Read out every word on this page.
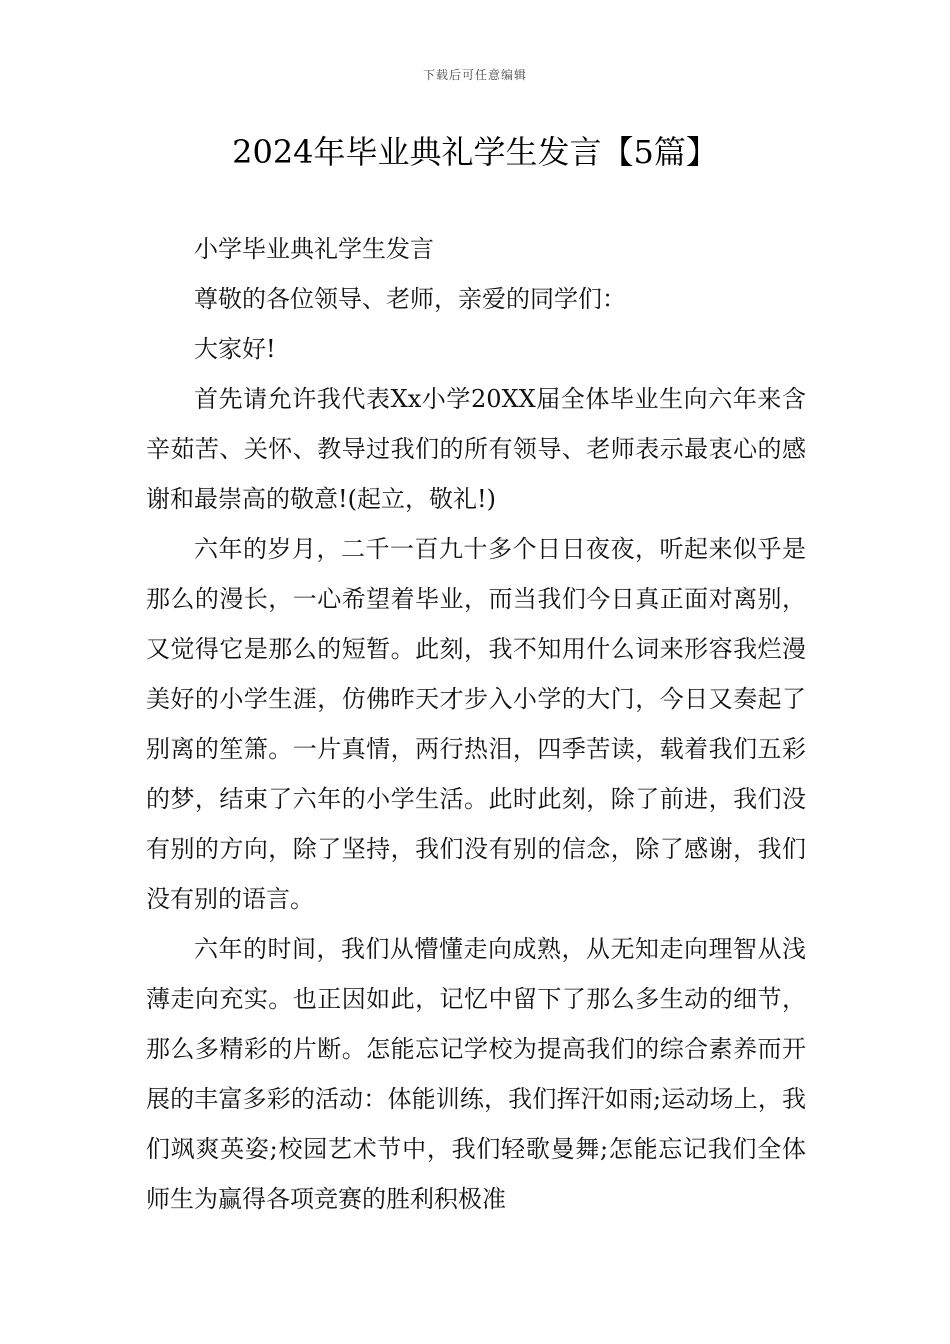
下载后可任意编辑
2024年毕业典礼学生发言【5篇】

小学毕业典礼学生发言

尊敬的各位领导、老师，亲爱的同学们：

大家好!

首先请允许我代表Xx小学20XX届全体毕业生向六年来含辛茹苦、关怀、教导过我们的所有领导、老师表示最衷心的感谢和最崇高的敬意!(起立，敬礼!)

六年的岁月，二千一百九十多个日日夜夜，听起来似乎是那么的漫长，一心希望着毕业，而当我们今日真正面对离别，又觉得它是那么的短暂。此刻，我不知用什么词来形容我烂漫美好的小学生涯，仿佛昨天才步入小学的大门，今日又奏起了别离的笙箫。一片真情，两行热泪，四季苦读，载着我们五彩的梦，结束了六年的小学生活。此时此刻，除了前进，我们没有别的方向，除了坚持，我们没有别的信念，除了感谢，我们没有别的语言。

六年的时间，我们从懵懂走向成熟，从无知走向理智从浅薄走向充实。也正因如此，记忆中留下了那么多生动的细节，那么多精彩的片断。怎能忘记学校为提高我们的综合素养而开展的丰富多彩的活动：体能训练，我们挥汗如雨;运动场上，我们飒爽英姿;校园艺术节中，我们轻歌曼舞;怎能忘记我们全体师生为赢得各项竞赛的胜利积极准
